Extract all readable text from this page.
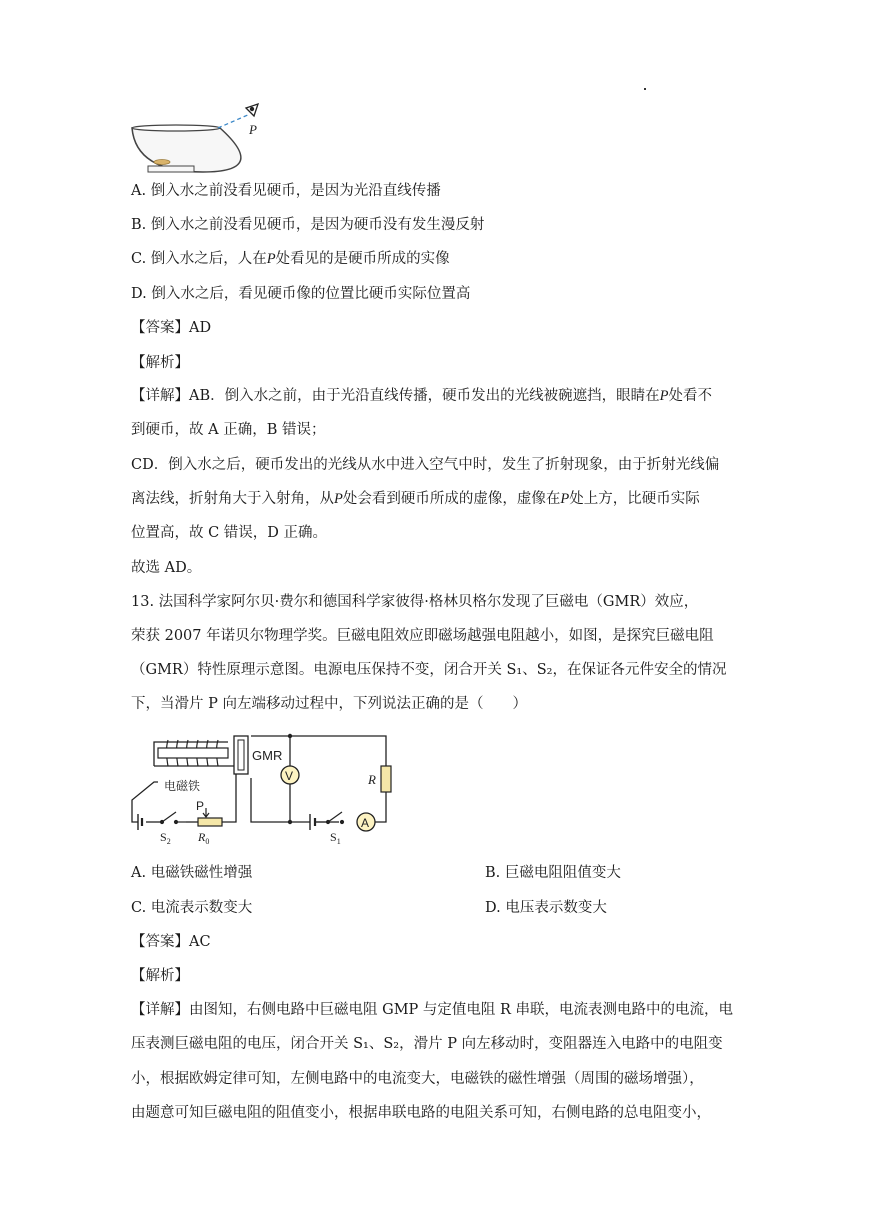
P
A. 倒入水之前没看见硬币，是因为光沿直线传播
B. 倒入水之前没看见硬币，是因为硬币没有发生漫反射
C. 倒入水之后，人在P处看见的是硬币所成的实像
D. 倒入水之后，看见硬币像的位置比硬币实际位置高
【答案】AD
【解析】
【详解】AB．倒入水之前，由于光沿直线传播，硬币发出的光线被碗遮挡，眼睛在P处看不
到硬币，故 A 正确，B 错误；
CD．倒入水之后，硬币发出的光线从水中进入空气中时，发生了折射现象，由于折射光线偏
离法线，折射角大于入射角，从P处会看到硬币所成的虚像，虚像在P处上方，比硬币实际
位置高，故 C 错误，D 正确。
故选 AD。
13. 法国科学家阿尔贝·费尔和德国科学家彼得·格林贝格尔发现了巨磁电（GMR）效应，
荣获 2007 年诺贝尔物理学奖。巨磁电阻效应即磁场越强电阻越小，如图，是探究巨磁电阻
（GMR）特性原理示意图。电源电压保持不变，闭合开关 S₁、S₂，在保证各元件安全的情况
下，当滑片 P 向左端移动过程中，下列说法正确的是（　　）
GMR
V	R
$S_1$
A
电磁铁
$S_2$
P
$R_0$
A. 电磁铁磁性增强	B. 巨磁电阻阻值变大
C. 电流表示数变大	D. 电压表示数变大
【答案】AC
【解析】
【详解】由图知，右侧电路中巨磁电阻 GMP 与定值电阻 R 串联，电流表测电路中的电流，电
压表测巨磁电阻的电压，闭合开关 S₁、S₂，滑片 P 向左移动时，变阻器连入电路中的电阻变
小，根据欧姆定律可知，左侧电路中的电流变大，电磁铁的磁性增强（周围的磁场增强），
由题意可知巨磁电阻的阻值变小，根据串联电路的电阻关系可知，右侧电路的总电阻变小，
